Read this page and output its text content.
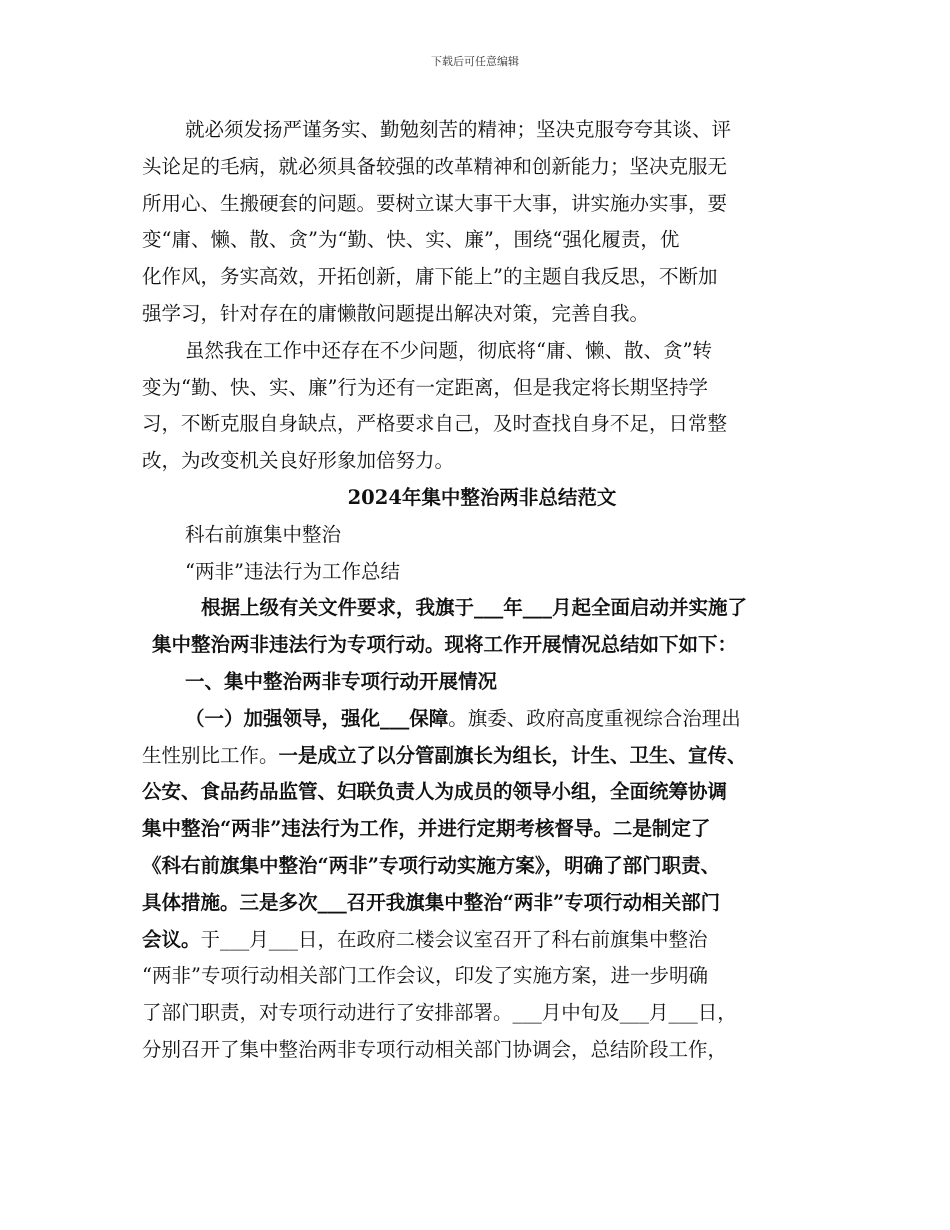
下载后可任意编辑

就必须发扬严谨务实、勤勉刻苦的精神；坚决克服夸夸其谈、评

头论足的毛病，就必须具备较强的改革精神和创新能力；坚决克服无

所用心、生搬硬套的问题。要树立谋大事干大事，讲实施办实事，要

变“庸、懒、散、贪”为“勤、快、实、廉”，围绕“强化履责，优

化作风，务实高效，开拓创新，庸下能上”的主题自我反思，不断加

强学习，针对存在的庸懒散问题提出解决对策，完善自我。

虽然我在工作中还存在不少问题，彻底将“庸、懒、散、贪”转

变为“勤、快、实、廉”行为还有一定距离，但是我定将长期坚持学

习，不断克服自身缺点，严格要求自己，及时查找自身不足，日常整

改，为改变机关良好形象加倍努力。

2024年集中整治两非总结范文

科右前旗集中整治

“两非”违法行为工作总结

根据上级有关文件要求，我旗于___年___月起全面启动并实施了

集中整治两非违法行为专项行动。现将工作开展情况总结如下如下：

一、集中整治两非专项行动开展情况

（一）加强领导，强化___保障。旗委、政府高度重视综合治理出

生性别比工作。一是成立了以分管副旗长为组长，计生、卫生、宣传、

公安、食品药品监管、妇联负责人为成员的领导小组，全面统筹协调

集中整治“两非”违法行为工作，并进行定期考核督导。二是制定了

《科右前旗集中整治“两非”专项行动实施方案》，明确了部门职责、

具体措施。三是多次___召开我旗集中整治“两非”专项行动相关部门

会议。于___月___日，在政府二楼会议室召开了科右前旗集中整治

“两非”专项行动相关部门工作会议，印发了实施方案，进一步明确

了部门职责，对专项行动进行了安排部署。___月中旬及___月___日，

分别召开了集中整治两非专项行动相关部门协调会，总结阶段工作，
